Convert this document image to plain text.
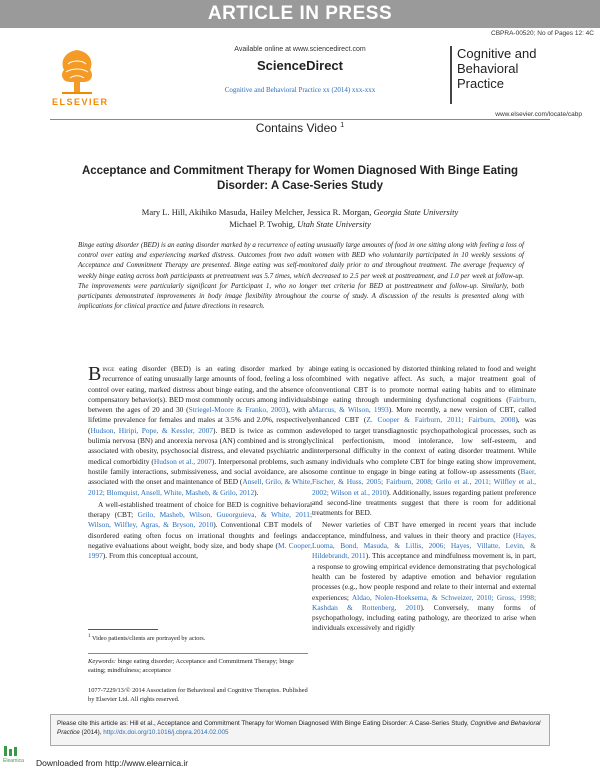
ARTICLE IN PRESS
CBPRA-00520; No of Pages 12: 4C
ELSEVIER
Available online at www.sciencedirect.com
ScienceDirect
Cognitive and Behavioral Practice xx (2014) xxx-xxx
Cognitive and
Behavioral
Practice
www.elsevier.com/locate/cabp
Contains Video $^1$
Acceptance and Commitment Therapy for Women Diagnosed With Binge Eating Disorder: A Case-Series Study
Mary L. Hill, Akihiko Masuda, Hailey Melcher, Jessica R. Morgan, Georgia State University
Michael P. Twohig, Utah State University
Binge eating disorder (BED) is an eating disorder marked by a recurrence of eating unusually large amounts of food in one sitting along with feeling a loss of control over eating and experiencing marked distress. Outcomes from two adult women with BED who voluntarily participated in 10 weekly sessions of Acceptance and Commitment Therapy are presented. Binge eating was self-monitored daily prior to and throughout treatment. The average frequency of weekly binge eating across both participants at pretreatment was 5.7 times, which decreased to 2.5 per week at posttreatment, and 1.0 per week at follow-up. The improvements were particularly significant for Participant 1, who no longer met criteria for BED at posttreatment and follow-up. Similarly, both participants demonstrated improvements in body image flexibility throughout the course of study. A discussion of the results is presented along with implications for clinical practice and future directions in research.

Binge eating disorder (BED) is an eating disorder marked by a recurrence of eating unusually large amounts of food, feeling a loss of control over eating, marked distress about binge eating, and the absence of compensatory behavior(s). BED most commonly occurs among individuals between the ages of 20 and 30 (Striegel-Moore & Franko, 2003), with a lifetime prevalence for females and males at 3.5% and 2.0%, respectively (Hudson, Hiripi, Pope, & Kessler, 2007). BED is twice as common as bulimia nervosa (BN) and anorexia nervosa (AN) combined and is strongly associated with obesity, psychosocial distress, and elevated psychiatric and medical comorbidity (Hudson et al., 2007). Interpersonal problems, such as hostile family interactions, submissiveness, and social avoidance, are also associated with the onset and maintenance of BED (Ansell, Grilo, & White, 2012; Blomquist, Ansell, White, Masheb, & Grilo, 2012).

A well-established treatment of choice for BED is cognitive behavioral therapy (CBT; Grilo, Masheb, Wilson, Gueorguieva, & White, 2011; Wilson, Wilfley, Agras, & Bryson, 2010). Conventional CBT models of disordered eating often focus on irrational thoughts and feelings and negative evaluations about weight, body size, and body shape (M. Cooper, 1997). From this conceptual account,

$^1$ Video patients/clients are portrayed by actors.
Keywords: binge eating disorder; Acceptance and Commitment Therapy; binge eating; mindfulness; acceptance
1077-7229/13/© 2014 Association for Behavioral and Cognitive Therapies. Published by Elsevier Ltd. All rights reserved.

binge eating is occasioned by distorted thinking related to food and weight combined with negative affect. As such, a major treatment goal of conventional CBT is to promote normal eating habits and to eliminate binge eating through undermining dysfunctional cognitions (Fairburn, Marcus, & Wilson, 1993). More recently, a new version of CBT, called enhanced CBT (Z. Cooper & Fairburn, 2011; Fairburn, 2008), was developed to target transdiagnostic psychopathological processes, such as clinical perfectionism, mood intolerance, low self-esteem, and interpersonal difficulty in the context of eating disorder treatment. While many individuals who complete CBT for binge eating show improvement, some continue to engage in binge eating at follow-up assessments (Baer, Fischer, & Huss, 2005; Fairburn, 2008; Grilo et al., 2011; Wilfley et al., 2002; Wilson et al., 2010). Additionally, issues regarding patient preference and second-line treatments suggest that there is room for additional treatments for BED.

Newer varieties of CBT have emerged in recent years that include acceptance, mindfulness, and values in their theory and practice (Hayes, Luoma, Bond, Masuda, & Lillis, 2006; Hayes, Villatte, Levin, & Hildebrandt, 2011). This acceptance and mindfulness movement is, in part, a response to growing empirical evidence demonstrating that psychological health can be fostered by adaptive emotion and behavior regulation processes (e.g., how people respond and relate to their internal and external experiences; Aldao, Nolen-Hoeksema, & Schweizer, 2010; Gross, 1998; Kashdan & Rottenberg, 2010). Conversely, many forms of psychopathology, including eating pathology, are theorized to arise when individuals excessively and rigidly

Please cite this article as: Hill et al., Acceptance and Commitment Therapy for Women Diagnosed With Binge Eating Disorder: A Case-Series Study, Cognitive and Behavioral Practice (2014), http://dx.doi.org/10.1016/j.cbpra.2014.02.005
Elearnica Downloaded from http://www.elearnica.ir
